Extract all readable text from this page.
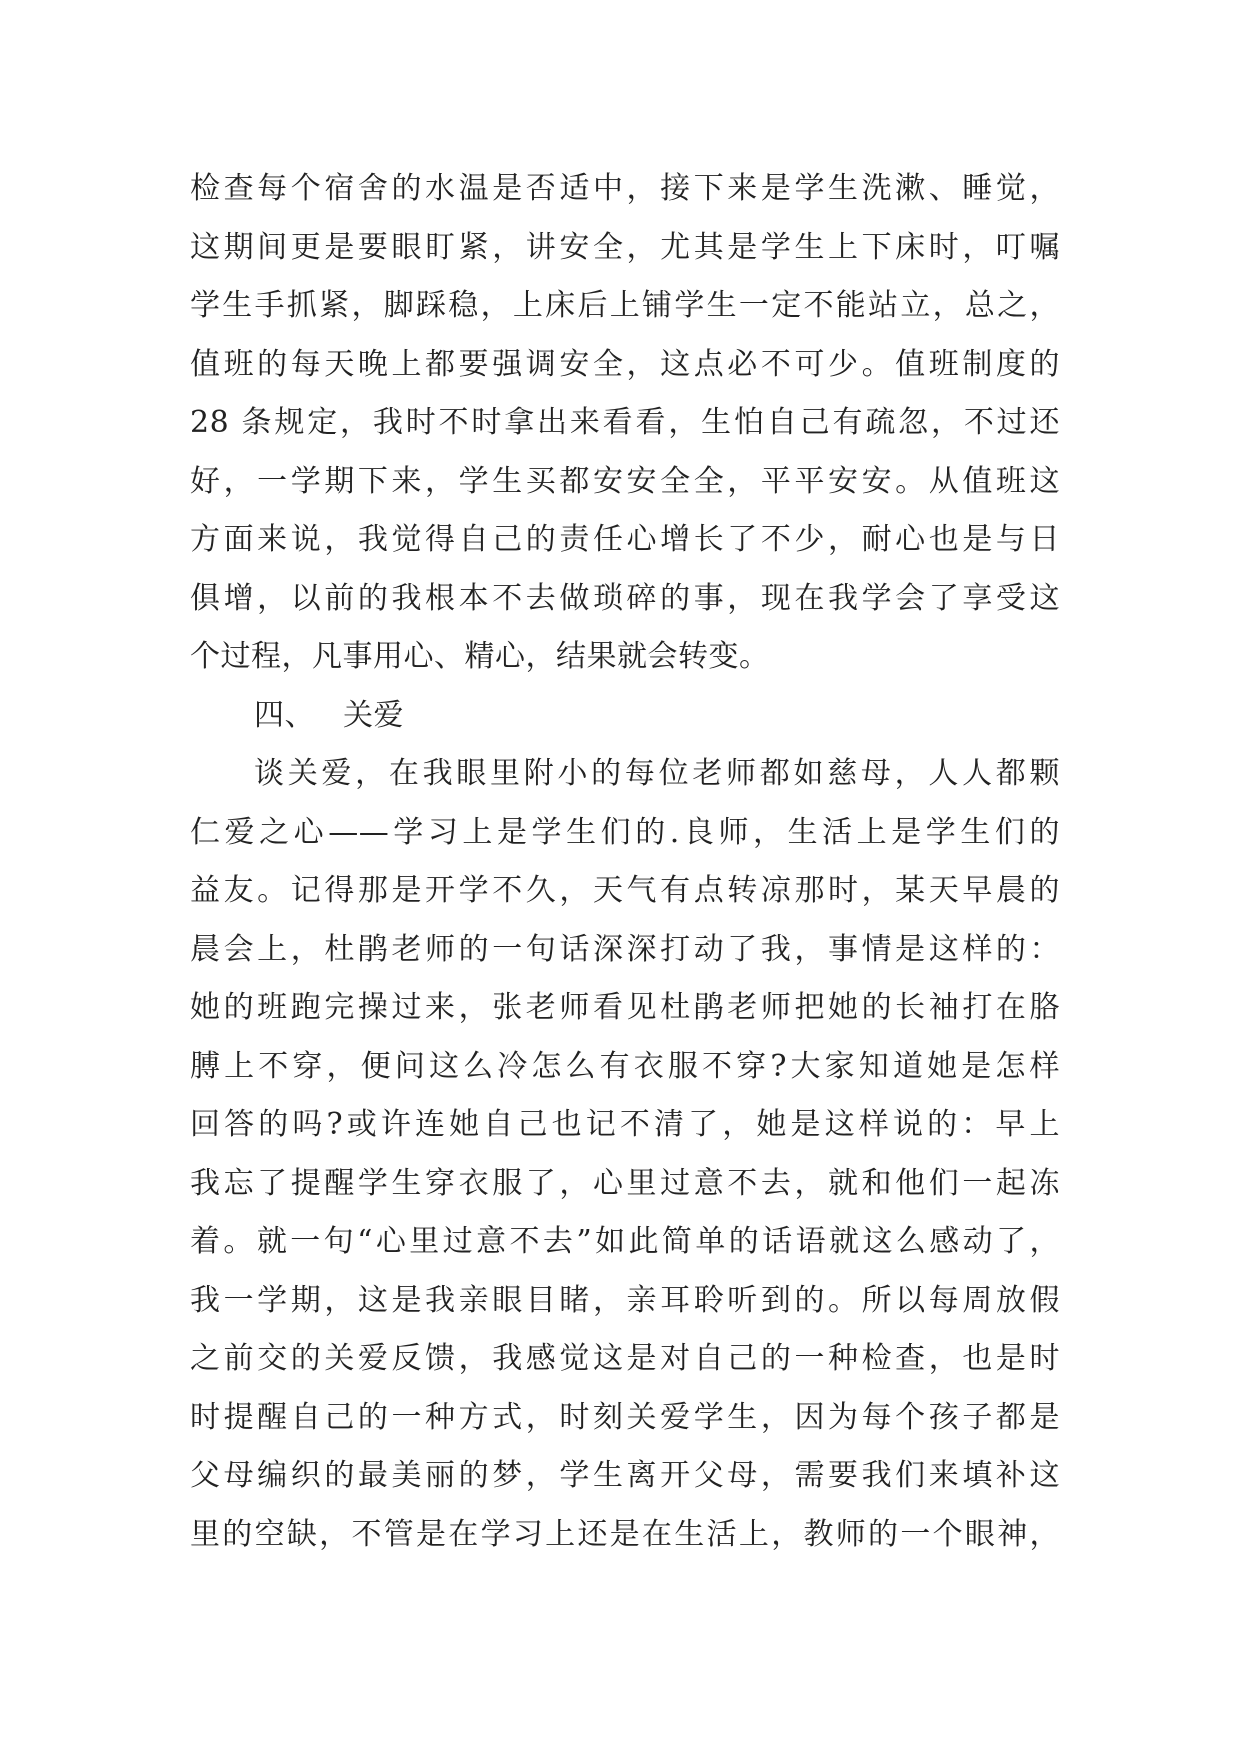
检查每个宿舍的水温是否适中，接下来是学生洗漱、睡觉，
这期间更是要眼盯紧，讲安全，尤其是学生上下床时，叮嘱
学生手抓紧，脚踩稳，上床后上铺学生一定不能站立，总之，
值班的每天晚上都要强调安全，这点必不可少。值班制度的
28 条规定，我时不时拿出来看看，生怕自己有疏忽，不过还
好，一学期下来，学生买都安安全全，平平安安。从值班这
方面来说，我觉得自己的责任心增长了不少，耐心也是与日
俱增，以前的我根本不去做琐碎的事，现在我学会了享受这
个过程，凡事用心、精心，结果就会转变。
四、 关爱
谈关爱，在我眼里附小的每位老师都如慈母，人人都颗
仁爱之心——学习上是学生们的.良师，生活上是学生们的
益友。记得那是开学不久，天气有点转凉那时，某天早晨的
晨会上，杜鹃老师的一句话深深打动了我，事情是这样的：
她的班跑完操过来，张老师看见杜鹃老师把她的长袖打在胳
膊上不穿，便问这么冷怎么有衣服不穿?大家知道她是怎样
回答的吗?或许连她自己也记不清了，她是这样说的：早上
我忘了提醒学生穿衣服了，心里过意不去，就和他们一起冻
着。就一句“心里过意不去”如此简单的话语就这么感动了，
我一学期，这是我亲眼目睹，亲耳聆听到的。所以每周放假
之前交的关爱反馈，我感觉这是对自己的一种检查，也是时
时提醒自己的一种方式，时刻关爱学生，因为每个孩子都是
父母编织的最美丽的梦，学生离开父母，需要我们来填补这
里的空缺，不管是在学习上还是在生活上，教师的一个眼神，
